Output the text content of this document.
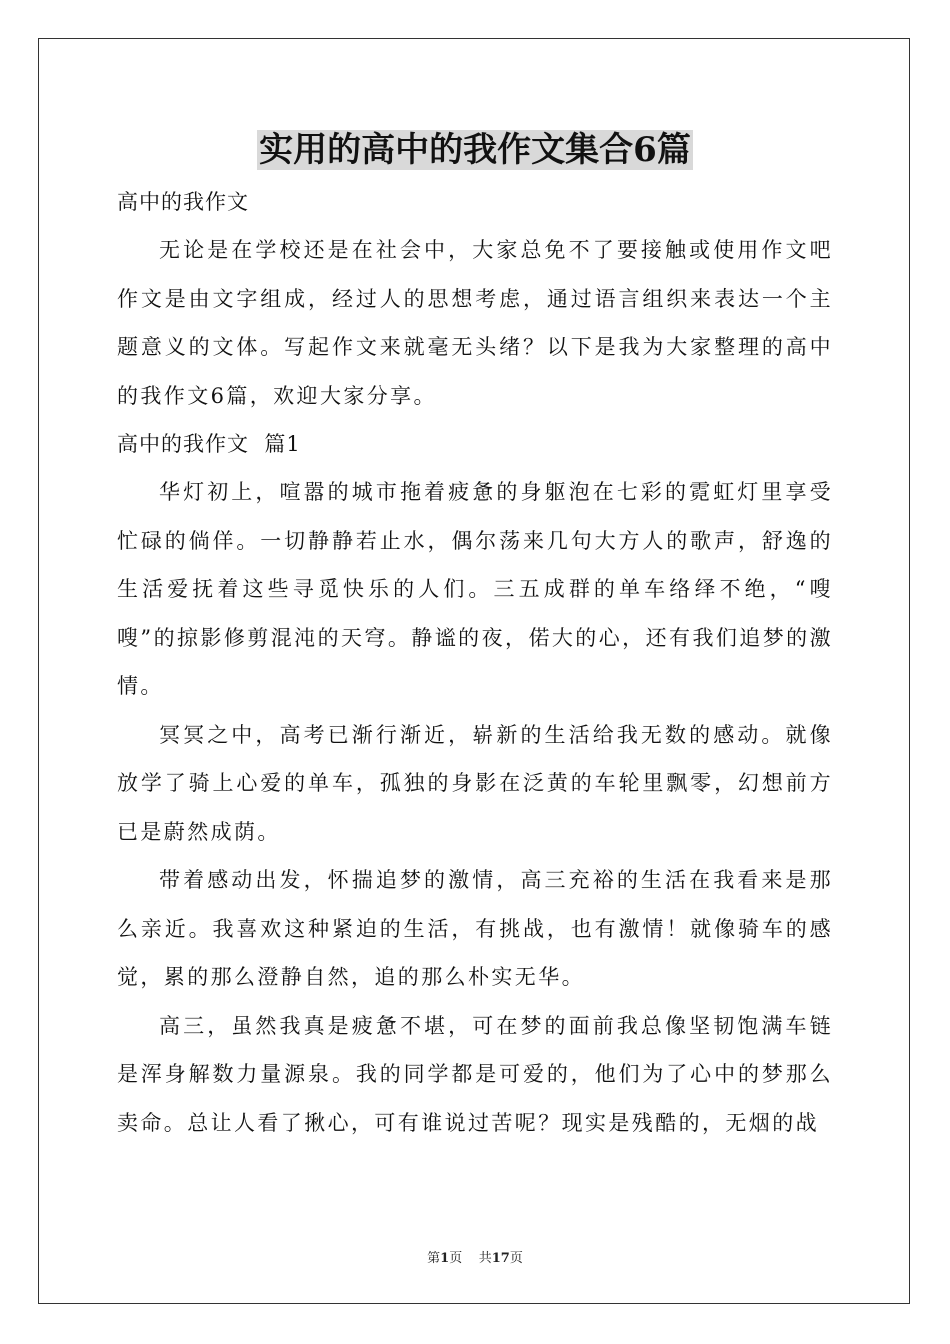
实用的高中的我作文集合6篇

高中的我作文

无论是在学校还是在社会中，大家总免不了要接触或使用作文吧作文是由文字组成，经过人的思想考虑，通过语言组织来表达一个主题意义的文体。写起作文来就毫无头绪？以下是我为大家整理的高中的我作文6篇，欢迎大家分享。

高中的我作文  篇1

华灯初上，喧嚣的城市拖着疲惫的身躯泡在七彩的霓虹灯里享受忙碌的倘佯。一切静静若止水，偶尔荡来几句大方人的歌声，舒逸的生活爱抚着这些寻觅快乐的人们。三五成群的单车络绎不绝，“嗖嗖”的掠影修剪混沌的天穹。静谧的夜，偌大的心，还有我们追梦的激情。

冥冥之中，高考已渐行渐近，崭新的生活给我无数的感动。就像放学了骑上心爱的单车，孤独的身影在泛黄的车轮里飘零，幻想前方已是蔚然成荫。

带着感动出发，怀揣追梦的激情，高三充裕的生活在我看来是那么亲近。我喜欢这种紧迫的生活，有挑战，也有激情！就像骑车的感觉，累的那么澄静自然，追的那么朴实无华。

高三，虽然我真是疲惫不堪，可在梦的面前我总像坚韧饱满车链是浑身解数力量源泉。我的同学都是可爱的，他们为了心中的梦那么卖命。总让人看了揪心，可有谁说过苦呢？现实是残酷的，无烟的战

第1页 共17页
